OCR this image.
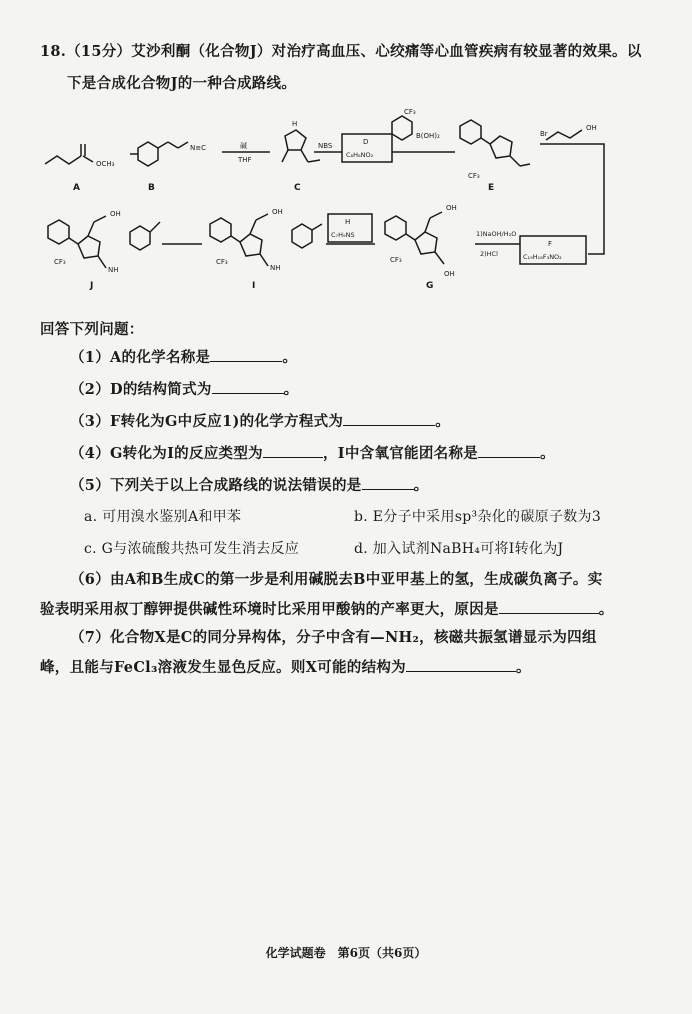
18.（15分）艾沙利酮（化合物J）对治疗高血压、心绞痛等心血管疾病有较显著的效果。以
下是合成化合物J的一种合成路线。
A	B	C	E
G
I
J
OCH₃
N≡C	碱
THF
H
NBS	D
C₈H₈NO₂
B(OH)₂
CF₃
CF₃
Br
OH
F
C₁₉H₁₈F₃NO₂
1)NaOH/H₂O
2)HCl
OH
OH
CF₃
H
C₇H₉NS
OH
NH
CF₃
OH
NH
CF₃
回答下列问题：
（1）A的化学名称是	。
（2）D的结构简式为	。
（3）F转化为G中反应1)的化学方程式为	。
（4）G转化为I的反应类型为	，I中含氧官能团名称是	。
（5）下列关于以上合成路线的说法错误的是	。
a. 可用溴水鉴别A和甲苯	b. E分子中采用sp³杂化的碳原子数为3
c. G与浓硫酸共热可发生消去反应	d. 加入试剂NaBH₄可将I转化为J
（6）由A和B生成C的第一步是利用碱脱去B中亚甲基上的氢，生成碳负离子。实
验表明采用叔丁醇钾提供碱性环境时比采用甲酸钠的产率更大，原因是	。
（7）化合物X是C的同分异构体，分子中含有—NH₂，核磁共振氢谱显示为四组
峰，且能与FeCl₃溶液发生显色反应。则X可能的结构为	。
化学试题卷　第6页（共6页）
